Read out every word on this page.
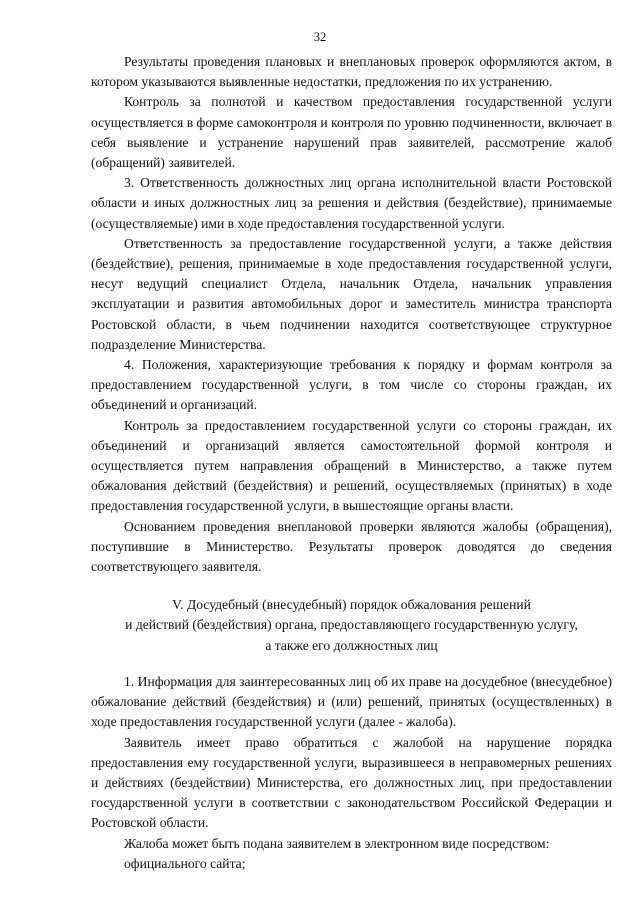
32

Результаты проведения плановых и внеплановых проверок оформляются актом, в котором указываются выявленные недостатки, предложения по их устранению.

Контроль за полнотой и качеством предоставления государственной услуги осуществляется в форме самоконтроля и контроля по уровню подчиненности, включает в себя выявление и устранение нарушений прав заявителей, рассмотрение жалоб (обращений) заявителей.

3. Ответственность должностных лиц органа исполнительной власти Ростовской области и иных должностных лиц за решения и действия (бездействие), принимаемые (осуществляемые) ими в ходе предоставления государственной услуги.

Ответственность за предоставление государственной услуги, а также действия (бездействие), решения, принимаемые в ходе предоставления государственной услуги, несут ведущий специалист Отдела, начальник Отдела, начальник управления эксплуатации и развития автомобильных дорог и заместитель министра транспорта Ростовской области, в чьем подчинении находится соответствующее структурное подразделение Министерства.

4. Положения, характеризующие требования к порядку и формам контроля за предоставлением государственной услуги, в том числе со стороны граждан, их объединений и организаций.

Контроль за предоставлением государственной услуги со стороны граждан, их объединений и организаций является самостоятельной формой контроля и осуществляется путем направления обращений в Министерство, а также путем обжалования действий (бездействия) и решений, осуществляемых (принятых) в ходе предоставления государственной услуги, в вышестоящие органы власти.

Основанием проведения внеплановой проверки являются жалобы (обращения), поступившие в Министерство. Результаты проверок доводятся до сведения соответствующего заявителя.

V. Досудебный (внесудебный) порядок обжалования решений
и действий (бездействия) органа, предоставляющего государственную услугу,
а также его должностных лиц

1. Информация для заинтересованных лиц об их праве на досудебное (внесудебное) обжалование действий (бездействия) и (или) решений, принятых (осуществленных) в ходе предоставления государственной услуги (далее - жалоба).

Заявитель имеет право обратиться с жалобой на нарушение порядка предоставления ему государственной услуги, выразившееся в неправомерных решениях и действиях (бездействии) Министерства, его должностных лиц, при предоставлении государственной услуги в соответствии с законодательством Российской Федерации и Ростовской области.

Жалоба может быть подана заявителем в электронном виде посредством:

официального сайта;
